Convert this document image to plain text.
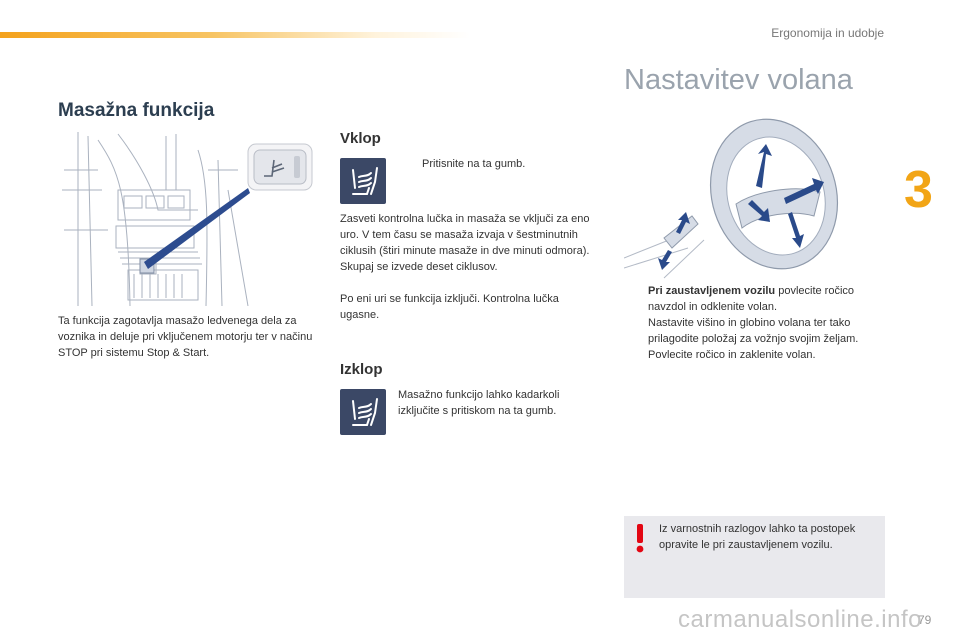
Ergonomija in udobje
3
Masažna funkcija
Ta funkcija zagotavlja masažo ledvenega dela za voznika in deluje pri vključenem motorju ter v načinu STOP pri sistemu Stop & Start.
Vklop
Pritisnite na ta gumb.
Zasveti kontrolna lučka in masaža se vključi za eno uro. V tem času se masaža izvaja v šestminutnih ciklusih (štiri minute masaže in dve minuti odmora). Skupaj se izvede deset ciklusov.
Po eni uri se funkcija izključi. Kontrolna lučka ugasne.
Izklop
Masažno funkcijo lahko kadarkoli izključite s pritiskom na ta gumb.
Nastavitev volana
Pri zaustavljenem vozilu povlecite ročico navzdol in odklenite volan.
Nastavite višino in globino volana ter tako prilagodite položaj za vožnjo svojim željam.
Povlecite ročico in zaklenite volan.
Iz varnostnih razlogov lahko ta postopek opravite le pri zaustavljenem vozilu.
carmanualsonline.info
79
